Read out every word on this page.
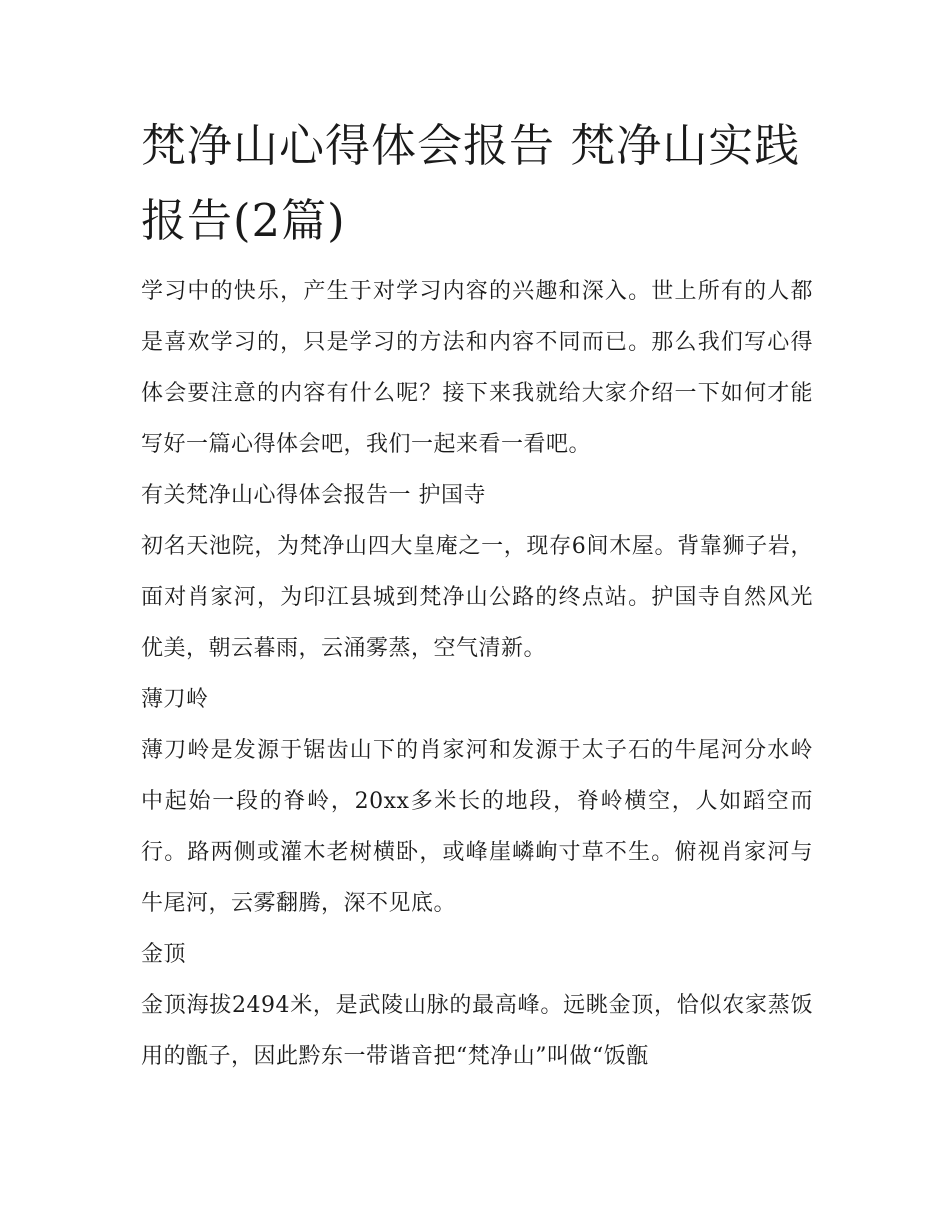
梵净山心得体会报告 梵净山实践报告(2篇)

学习中的快乐，产生于对学习内容的兴趣和深入。世上所有的人都是喜欢学习的，只是学习的方法和内容不同而已。那么我们写心得体会要注意的内容有什么呢？接下来我就给大家介绍一下如何才能写好一篇心得体会吧，我们一起来看一看吧。

有关梵净山心得体会报告一 护国寺

初名天池院，为梵净山四大皇庵之一，现存6间木屋。背靠狮子岩，面对肖家河，为印江县城到梵净山公路的终点站。护国寺自然风光优美，朝云暮雨，云涌雾蒸，空气清新。

薄刀岭

薄刀岭是发源于锯齿山下的肖家河和发源于太子石的牛尾河分水岭中起始一段的脊岭，20xx多米长的地段，脊岭横空，人如蹈空而行。路两侧或灌木老树横卧，或峰崖嶙峋寸草不生。俯视肖家河与牛尾河，云雾翻腾，深不见底。

金顶

金顶海拔2494米，是武陵山脉的最高峰。远眺金顶，恰似农家蒸饭用的甑子，因此黔东一带谐音把“梵净山”叫做“饭甑
